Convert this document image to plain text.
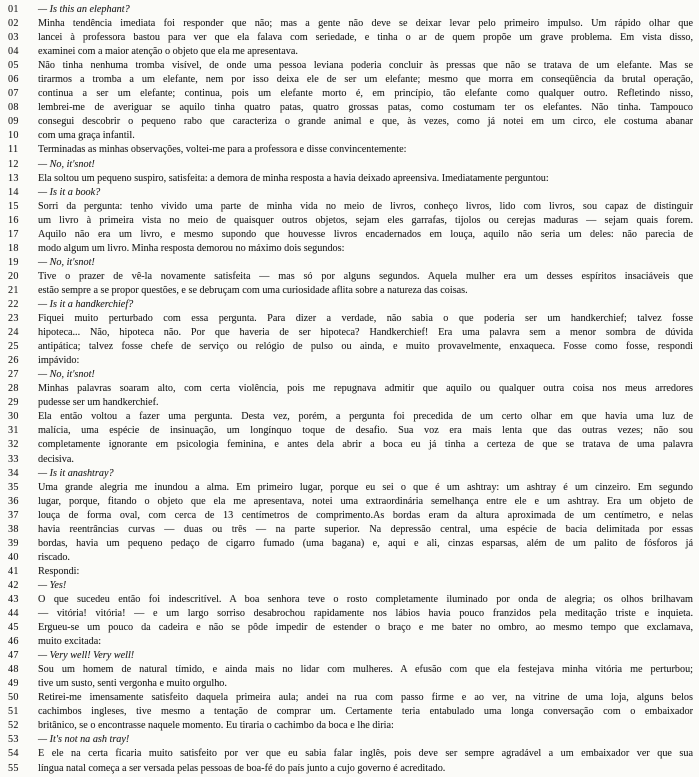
01	— Is this an elephant?
02	Minha tendência imediata foi responder que não; mas a gente não deve se deixar levar pelo primeiro impulso. Um rápido olhar que
03	lancei à professora bastou para ver que ela falava com seriedade, e tinha o ar de quem propõe um grave problema. Em vista disso,
04	examinei com a maior atenção o objeto que ela me apresentava.
05	Não tinha nenhuma tromba visível, de onde uma pessoa leviana poderia concluir às pressas que não se tratava de um elefante. Mas se
06	tirarmos a tromba a um elefante, nem por isso deixa ele de ser um elefante; mesmo que morra em conseqüência da brutal operação,
07	continua a ser um elefante; continua, pois um elefante morto é, em princípio, tão elefante como qualquer outro. Refletindo nisso,
08	lembrei-me de averiguar se aquilo tinha quatro patas, quatro grossas patas, como costumam ter os elefantes. Não tinha. Tampouco
09	consegui descobrir o pequeno rabo que caracteriza o grande animal e que, às vezes, como já notei em um circo, ele costuma abanar
10	com uma graça infantil.
11	Terminadas as minhas observações, voltei-me para a professora e disse convincentemente:
12	— No, it'snot!
13	Ela soltou um pequeno suspiro, satisfeita: a demora de minha resposta a havia deixado apreensiva. Imediatamente perguntou:
14	— Is it a book?
15	Sorri da pergunta: tenho vivido uma parte de minha vida no meio de livros, conheço livros, lido com livros, sou capaz de distinguir
16	um livro à primeira vista no meio de quaisquer outros objetos, sejam eles garrafas, tijolos ou cerejas maduras — sejam quais forem.
17	Aquilo não era um livro, e mesmo supondo que houvesse livros encadernados em louça, aquilo não seria um deles: não parecia de
18	modo algum um livro. Minha resposta demorou no máximo dois segundos:
19	— No, it'snot!
20	Tive o prazer de vê-la novamente satisfeita — mas só por alguns segundos. Aquela mulher era um desses espíritos insaciáveis que
21	estão sempre a se propor questões, e se debruçam com uma curiosidade aflita sobre a natureza das coisas.
22	— Is it a handkerchief?
23	Fiquei muito perturbado com essa pergunta. Para dizer a verdade, não sabia o que poderia ser um handkerchief; talvez fosse
24	hipoteca... Não, hipoteca não. Por que haveria de ser hipoteca? Handkerchief! Era uma palavra sem a menor sombra de dúvida
25	antipática; talvez fosse chefe de serviço ou relógio de pulso ou ainda, e muito provavelmente, enxaqueca. Fosse como fosse, respondi
26	impávido:
27	— No, it'snot!
28	Minhas palavras soaram alto, com certa violência, pois me repugnava admitir que aquilo ou qualquer outra coisa nos meus arredores
29	pudesse ser um handkerchief.
30	Ela então voltou a fazer uma pergunta. Desta vez, porém, a pergunta foi precedida de um certo olhar em que havia uma luz de
31	malícia, uma espécie de insinuação, um longínquo toque de desafio. Sua voz era mais lenta que das outras vezes; não sou
32	completamente ignorante em psicologia feminina, e antes dela abrir a boca eu já tinha a certeza de que se tratava de uma palavra
33	decisiva.
34	— Is it anashtray?
35	Uma grande alegria me inundou a alma. Em primeiro lugar, porque eu sei o que é um ashtray: um ashtray é um cinzeiro. Em segundo
36	lugar, porque, fitando o objeto que ela me apresentava, notei uma extraordinária semelhança entre ele e um ashtray. Era um objeto de
37	louça de forma oval, com cerca de 13 centímetros de comprimento.As bordas eram da altura aproximada de um centímetro, e nelas
38	havia reentrâncias curvas — duas ou três — na parte superior. Na depressão central, uma espécie de bacia delimitada por essas
39	bordas, havia um pequeno pedaço de cigarro fumado (uma bagana) e, aqui e ali, cinzas esparsas, além de um palito de fósforos já
40	riscado.
41	Respondi:
42	— Yes!
43	O que sucedeu então foi indescritível. A boa senhora teve o rosto completamente iluminado por onda de alegria; os olhos brilhavam
44	— vitória! vitória! — e um largo sorriso desabrochou rapidamente nos lábios havia pouco franzidos pela meditação triste e inquieta.
45	Ergueu-se um pouco da cadeira e não se pôde impedir de estender o braço e me bater no ombro, ao mesmo tempo que exclamava,
46	muito excitada:
47	— Very well! Very well!
48	Sou um homem de natural tímido, e ainda mais no lidar com mulheres. A efusão com que ela festejava minha vitória me perturbou;
49	tive um susto, senti vergonha e muito orgulho.
50	Retirei-me imensamente satisfeito daquela primeira aula; andei na rua com passo firme e ao ver, na vitrine de uma loja, alguns belos
51	cachimbos ingleses, tive mesmo a tentação de comprar um. Certamente teria entabulado uma longa conversação com o embaixador
52	britânico, se o encontrasse naquele momento. Eu tiraria o cachimbo da boca e lhe diria:
53	— It's not na ash tray!
54	E ele na certa ficaria muito satisfeito por ver que eu sabia falar inglês, pois deve ser sempre agradável a um embaixador ver que sua
55	língua natal começa a ser versada pelas pessoas de boa-fé do país junto a cujo governo é acreditado.
